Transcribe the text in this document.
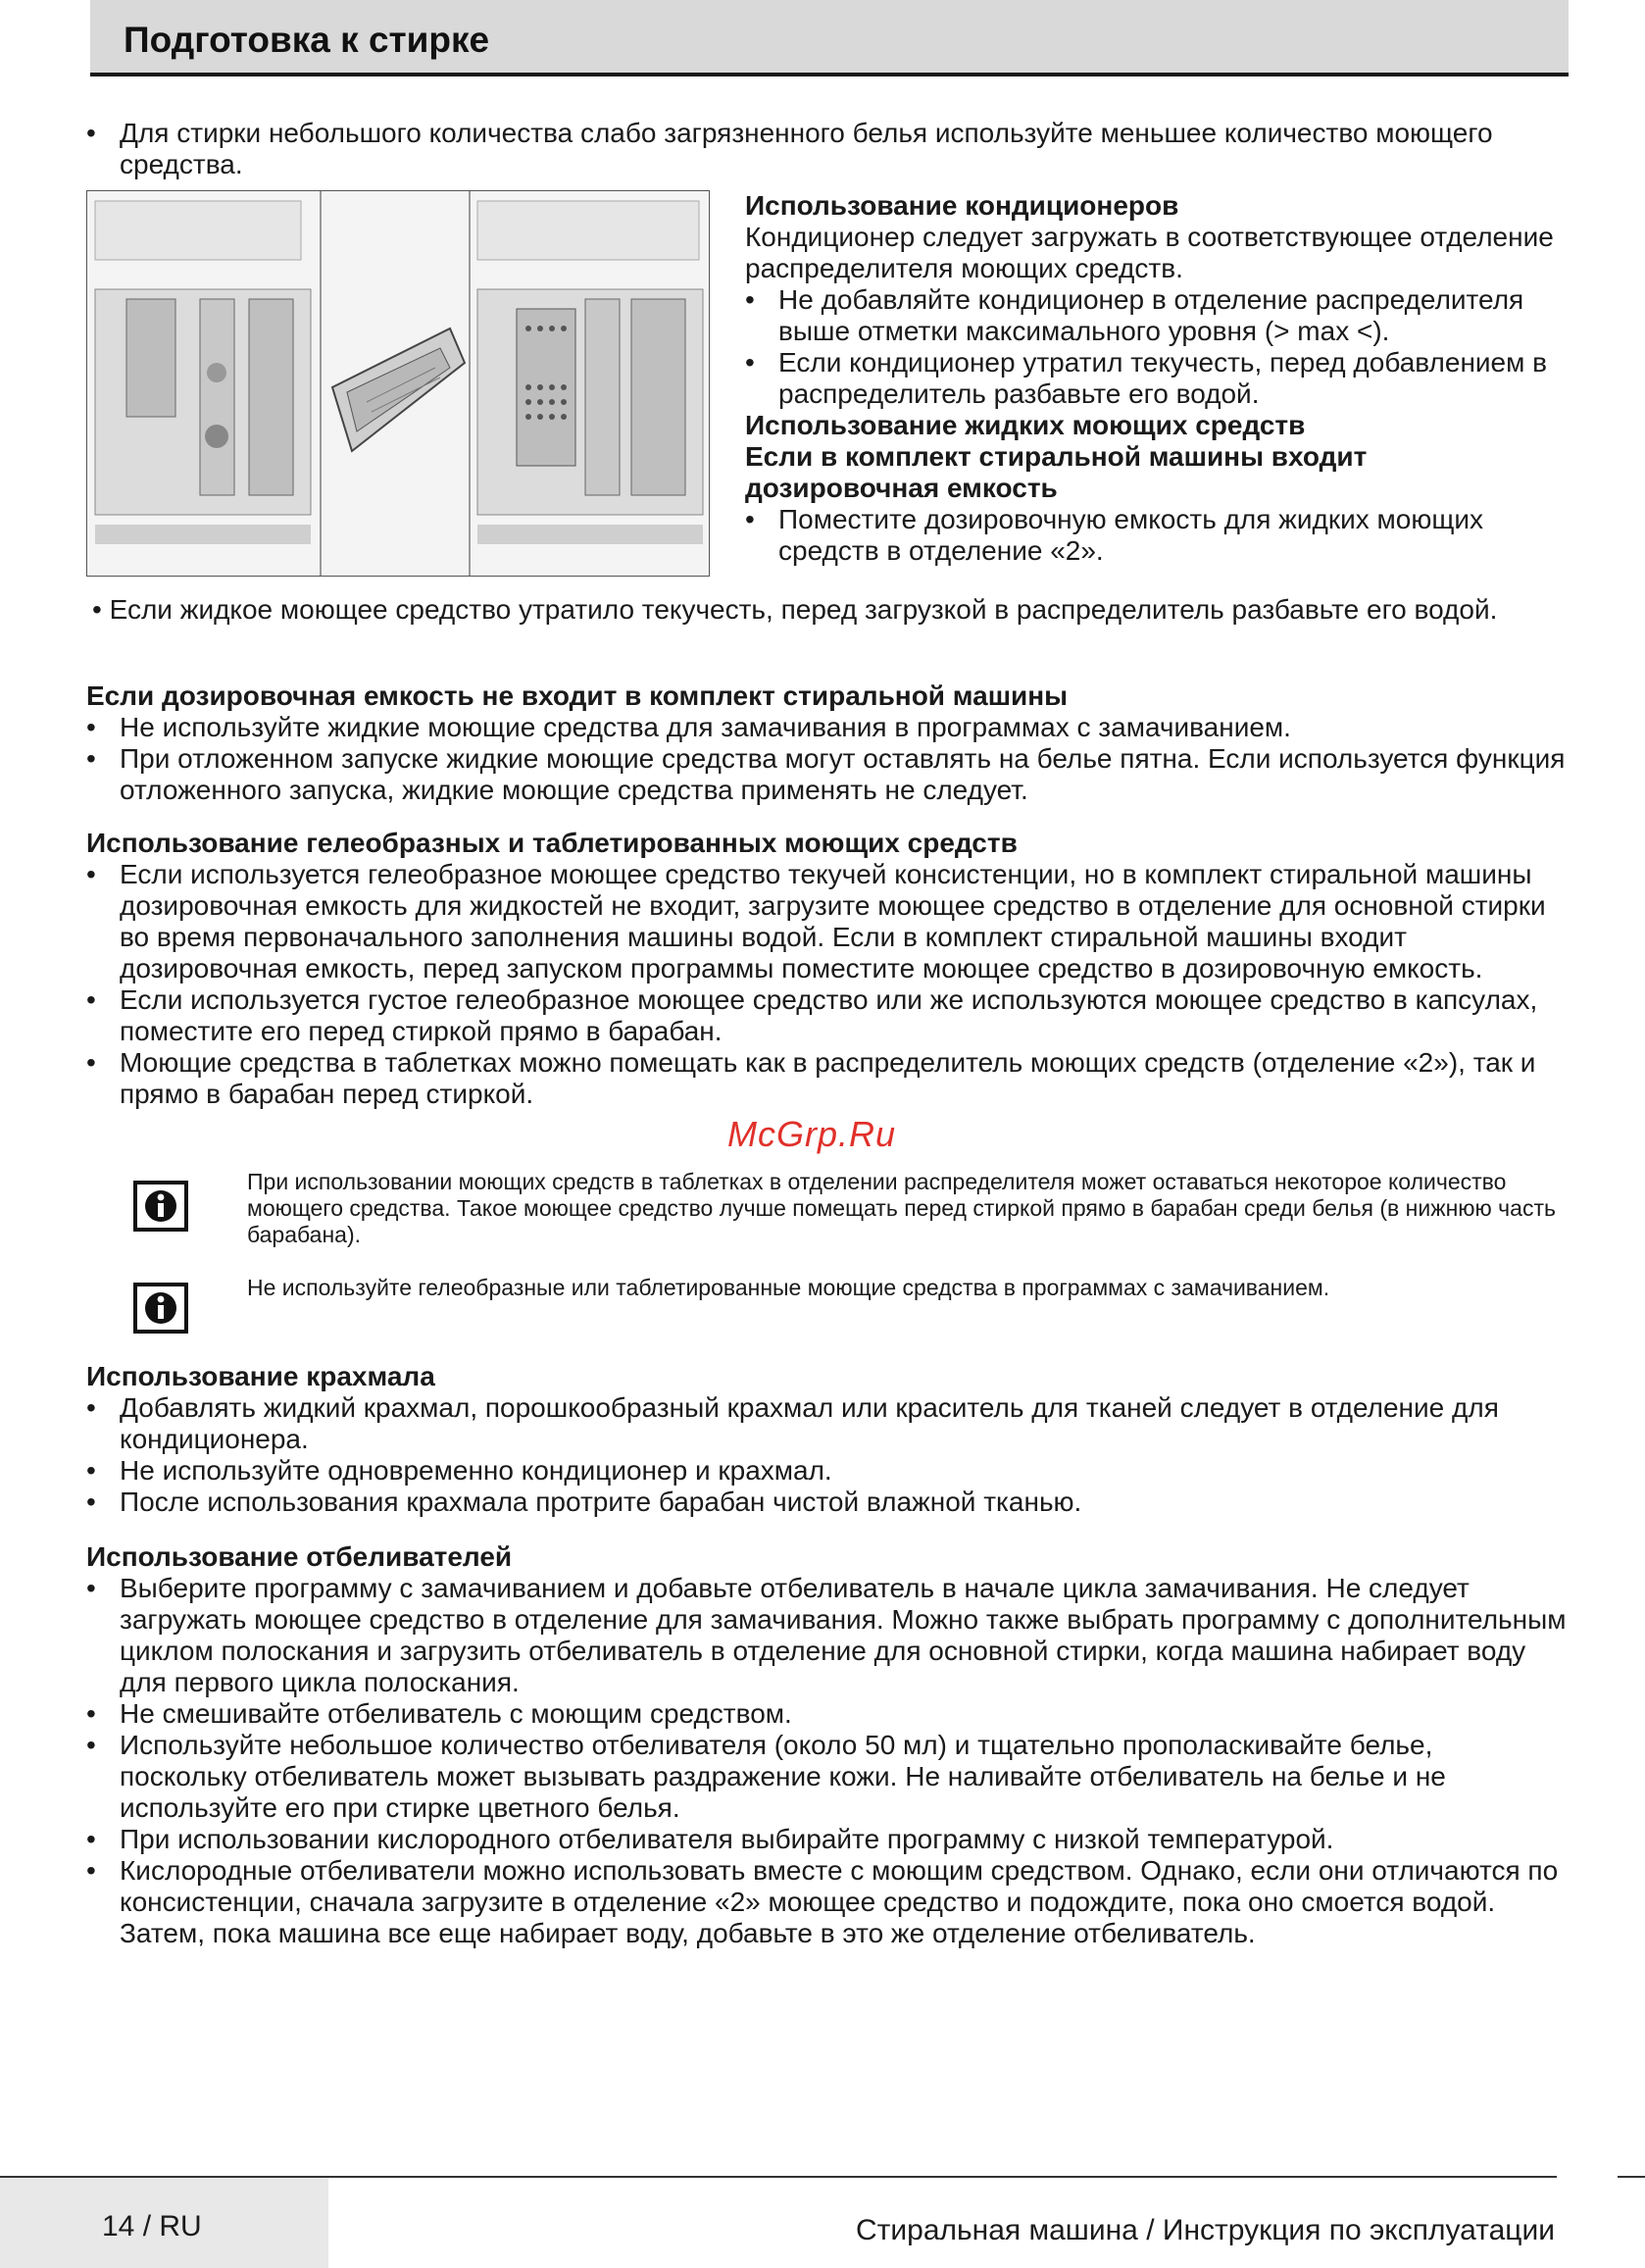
Подготовка к стирке
• Для стирки небольшого количества слабо загрязненного белья используйте меньшее количество моющего средства.
Использование кондиционеров
Кондиционер следует загружать в соответствующее отделение распределителя моющих средств.
• Не добавляйте кондиционер в отделение распределителя выше отметки максимального уровня (> max <).
• Если кондиционер утратил текучесть, перед добавлением в распределитель разбавьте его водой.
Использование жидких моющих средств
Если в комплект стиральной машины входит дозировочная емкость
• Поместите дозировочную емкость для жидких моющих средств в отделение «2».
• Если жидкое моющее средство утратило текучесть, перед загрузкой в распределитель разбавьте его водой.

Если дозировочная емкость не входит в комплект стиральной машины

• Не используйте жидкие моющие средства для замачивания в программах с замачиванием.

• При отложенном запуске жидкие моющие средства могут оставлять на белье пятна. Если используется функция отложенного запуска, жидкие моющие средства применять не следует.

Использование гелеобразных и таблетированных моющих средств

• Если используется гелеобразное моющее средство текучей консистенции, но в комплект стиральной машины дозировочная емкость для жидкостей не входит, загрузите моющее средство в отделение для основной стирки во время первоначального заполнения машины водой. Если в комплект стиральной машины входит дозировочная емкость, перед запуском программы поместите моющее средство в дозировочную емкость.

• Если используется густое гелеобразное моющее средство или же используются моющее средство в капсулах, поместите его перед стиркой прямо в барабан.

• Моющие средства в таблетках можно помещать как в распределитель моющих средств (отделение «2»), так и прямо в барабан перед стиркой.

McGrp.Ru
При использовании моющих средств в таблетках в отделении распределителя может оставаться некоторое количество моющего средства. Такое моющее средство лучше помещать перед стиркой прямо в барабан среди белья (в нижнюю часть барабана).
Не используйте гелеобразные или таблетированные моющие средства в программах с замачиванием.

Использование крахмала

• Добавлять жидкий крахмал, порошкообразный крахмал или краситель для тканей следует в отделение для кондиционера.

• Не используйте одновременно кондиционер и крахмал.

• После использования крахмала протрите барабан чистой влажной тканью.

Использование отбеливателей

• Выберите программу с замачиванием и добавьте отбеливатель в начале цикла замачивания. Не следует загружать моющее средство в отделение для замачивания. Можно также выбрать программу с дополнительным циклом полоскания и загрузить отбеливатель в отделение для основной стирки, когда машина набирает воду для первого цикла полоскания.

• Не смешивайте отбеливатель с моющим средством.

• Используйте небольшое количество отбеливателя (около 50 мл) и тщательно прополаскивайте белье, поскольку отбеливатель может вызывать раздражение кожи. Не наливайте отбеливатель на белье и не используйте его при стирке цветного белья.

• При использовании кислородного отбеливателя выбирайте программу с низкой температурой.

• Кислородные отбеливатели можно использовать вместе с моющим средством. Однако, если они отличаются по консистенции, сначала загрузите в отделение «2» моющее средство и подождите, пока оно смоется водой. Затем, пока машина все еще набирает воду, добавьте в это же отделение отбеливатель.

14 / RU	Стиральная машина / Инструкция по эксплуатации
